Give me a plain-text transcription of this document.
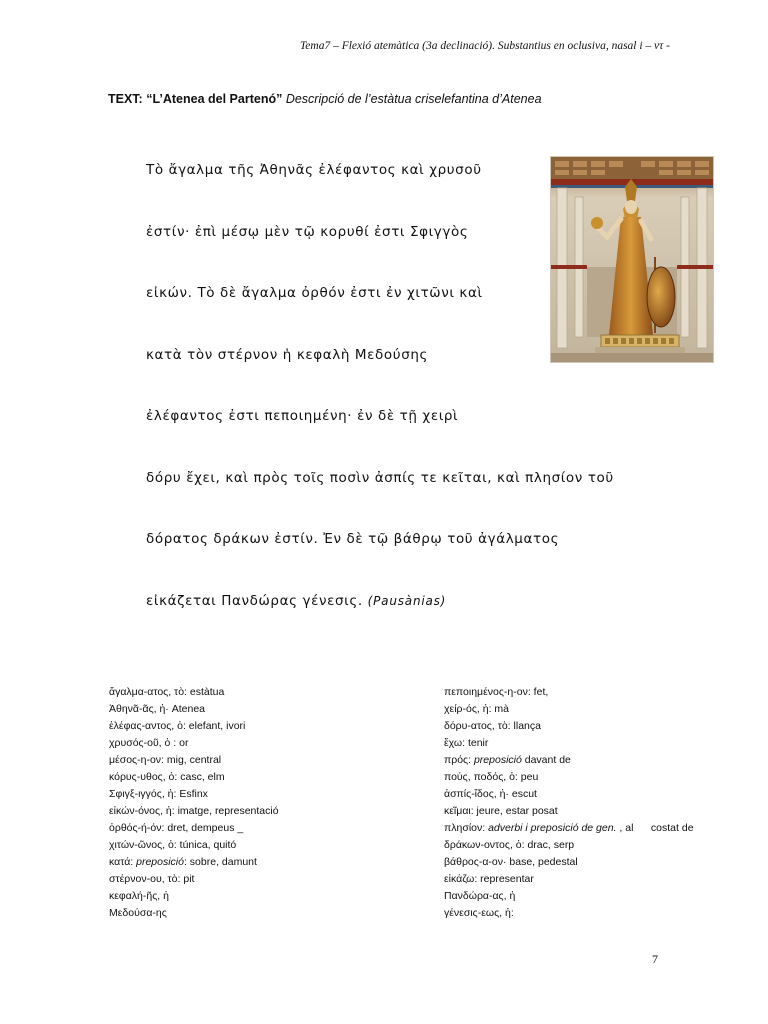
Tema7 – Flexió atemàtica (3a declinació). Substantius en oclusiva, nasal i – ντ -
TEXT: “L’Atenea del Partenó” Descripció de l’estàtua criselefantina d’Atenea
Τὸ ἄγαλμα τῆς Ἀθηνᾶς ἐλέφαντος καὶ χρυσοῦ
ἐστίν· ἐπὶ μέσῳ μὲν τῷ κορυθί ἐστι Σφιγγὸς
εἰκών. Τὸ δὲ ἄγαλμα ὀρθόν ἐστι ἐν χιτῶνι καὶ
κατὰ τὸν στέρνον ἡ κεφαλὴ Μεδούσης
ἐλέφαντος ἐστι πεποιημένη· ἐν δὲ τῇ χειρὶ
δόρυ ἔχει, καὶ πρὸς τοῖς ποσὶν ἀσπίς τε κεῖται, καὶ πλησίον τοῦ
δόρατος δράκων ἐστίν. Ἐν δὲ τῷ βάθρῳ τοῦ ἀγάλματος
εἰκάζεται Πανδώρας γένεσις. (Pausànias)
ἄγαλμα-ατος, τὸ: estàtua
Ἀθηνᾶ-ᾶς, ἡ· Atenea
ἐλέφας-αντος, ὁ: elefant, ivori
χρυσός-οῦ, ὁ : or
μέσος-η-ον: mig, central
κόρυς-υθος, ὁ: casc, elm
Σφιγξ-ιγγός, ἡ: Esfinx
εἰκών-όνος, ἡ: imatge, representació
ὀρθός-ή-όν: dret, dempeus _
χιτών-ῶνος, ὁ: túnica, quitó
κατά: preposició: sobre, damunt
στέρνον-ου, τὸ: pit
κεφαλή-ῆς, ἡ
Μεδούσα-ης
πεποιημένος-η-ον: fet,
χείρ-ός, ἡ: mà
δόρυ-ατος, τὸ: llança
ἔχω: tenir
πρός: preposició davant de
πούς, ποδός, ὁ: peu
ἀσπίς-ἴδος, ἡ· escut
κεῖμαι: jeure, estar posat
πλησίον: adverbi i preposició de gen. , al      costat de
δράκων-οντος, ὁ: drac, serp
βάθρος-α-ον· base, pedestal
εἰκάζω: representar
Πανδώρα-ας, ἡ
γένεσις-εως, ἡ:
7
